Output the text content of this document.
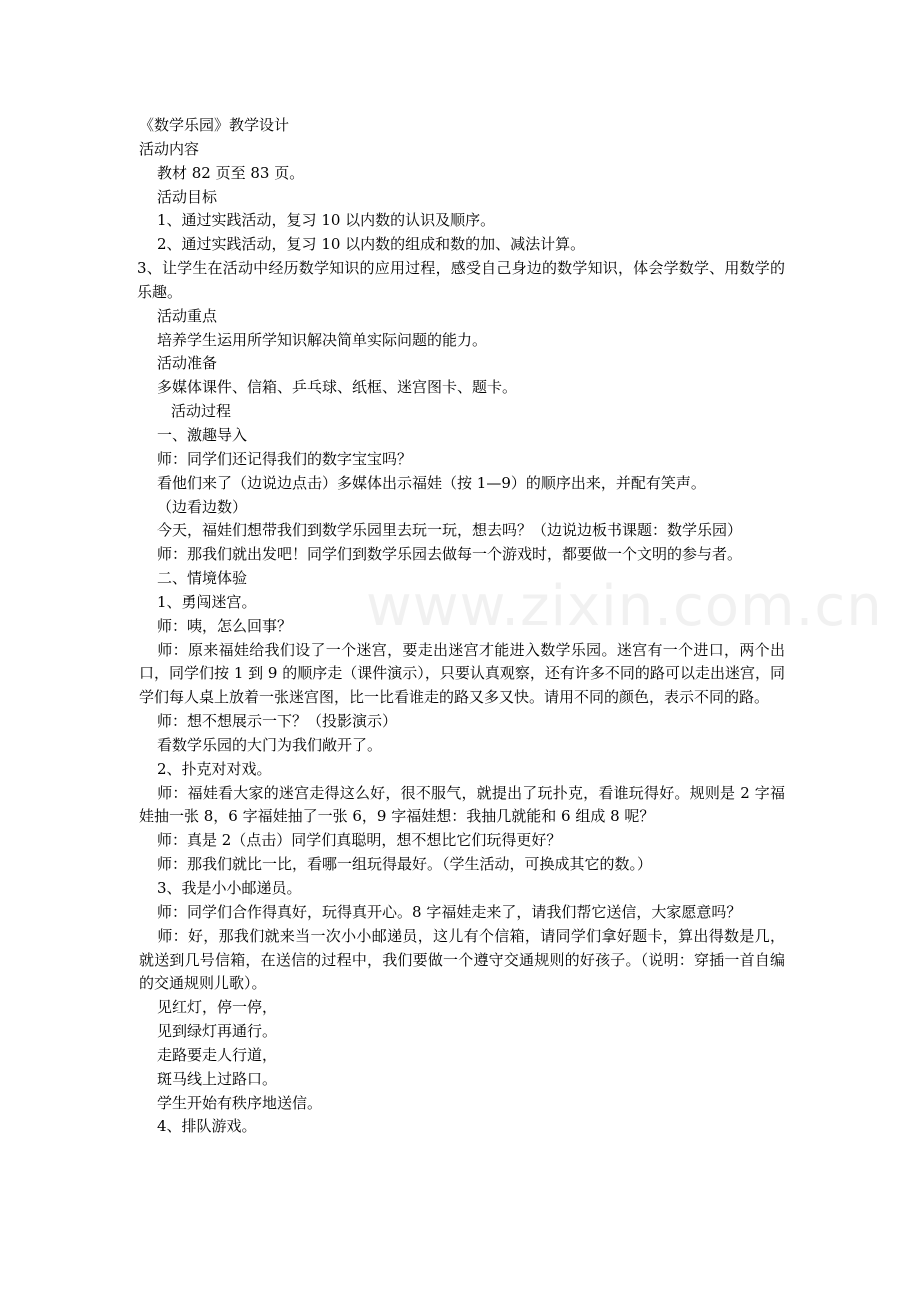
《数学乐园》教学设计
活动内容
教材 82 页至 83 页。
活动目标
1、通过实践活动，复习 10 以内数的认识及顺序。
2、通过实践活动，复习 10 以内数的组成和数的加、减法计算。
3、让学生在活动中经历数学知识的应用过程，感受自己身边的数学知识，体会学数学、用数学的乐趣。
活动重点
培养学生运用所学知识解决简单实际问题的能力。
活动准备
多媒体课件、信箱、乒乓球、纸框、迷宫图卡、题卡。
活动过程
一、激趣导入
师：同学们还记得我们的数字宝宝吗？
看他们来了（边说边点击）多媒体出示福娃（按 1—9）的顺序出来，并配有笑声。
（边看边数）
今天，福娃们想带我们到数学乐园里去玩一玩，想去吗？（边说边板书课题：数学乐园）
师：那我们就出发吧！同学们到数学乐园去做每一个游戏时，都要做一个文明的参与者。
二、情境体验
1、勇闯迷宫。
师：咦，怎么回事？
师：原来福娃给我们设了一个迷宫，要走出迷宫才能进入数学乐园。迷宫有一个进口，两个出口，同学们按 1 到 9 的顺序走（课件演示），只要认真观察，还有许多不同的路可以走出迷宫，同学们每人桌上放着一张迷宫图，比一比看谁走的路又多又快。请用不同的颜色，表示不同的路。
师：想不想展示一下？（投影演示）
看数学乐园的大门为我们敞开了。
2、扑克对对戏。
师：福娃看大家的迷宫走得这么好，很不服气，就提出了玩扑克，看谁玩得好。规则是 2 字福娃抽一张 8，6 字福娃抽了一张 6，9 字福娃想：我抽几就能和 6 组成 8 呢？
师：真是 2（点击）同学们真聪明，想不想比它们玩得更好？
师：那我们就比一比，看哪一组玩得最好。（学生活动，可换成其它的数。）
3、我是小小邮递员。
师：同学们合作得真好，玩得真开心。8 字福娃走来了，请我们帮它送信，大家愿意吗？
师：好，那我们就来当一次小小邮递员，这儿有个信箱，请同学们拿好题卡，算出得数是几，就送到几号信箱，在送信的过程中，我们要做一个遵守交通规则的好孩子。（说明：穿插一首自编的交通规则儿歌）。
见红灯，停一停，
见到绿灯再通行。
走路要走人行道，
斑马线上过路口。
学生开始有秩序地送信。
4、排队游戏。
www.zixin.com.cn
